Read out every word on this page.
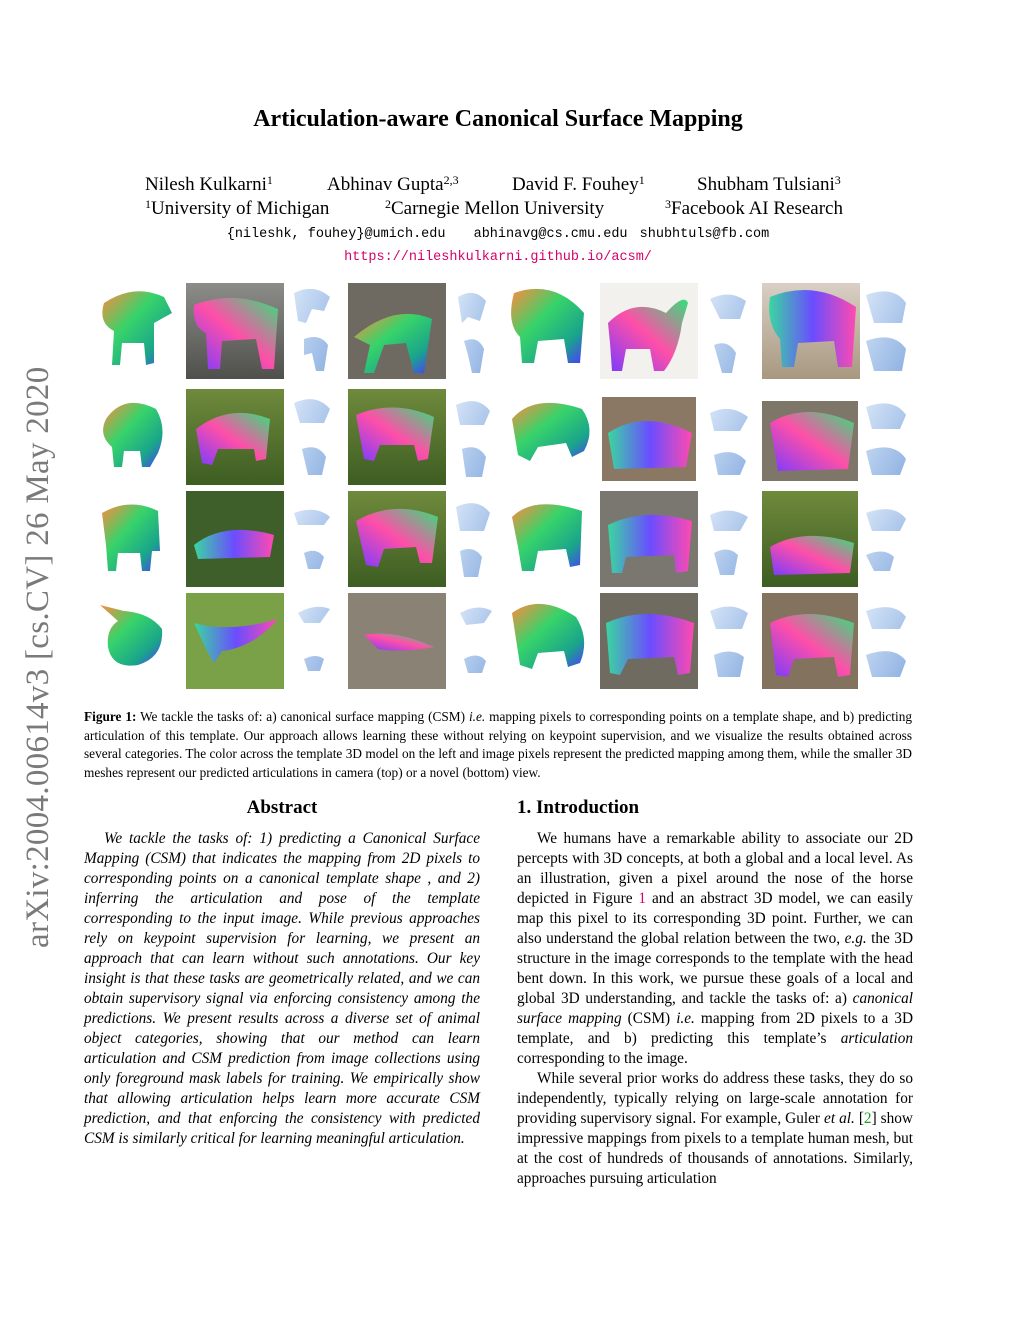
arXiv:2004.00614v3 [cs.CV] 26 May 2020
Articulation-aware Canonical Surface Mapping
Nilesh Kulkarni$^1$	Abhinav Gupta$^{2,3}$	David F. Fouhey$^1$	Shubham Tulsiani$^3$
$^1$University of Michigan	$^2$Carnegie Mellon University	$^3$Facebook AI Research
{nileshk, fouhey}@umich.edu abhinavg@cs.cmu.edu shubhtuls@fb.com
https://nileshkulkarni.github.io/acsm/
Figure 1: We tackle the tasks of: a) canonical surface mapping (CSM) i.e. mapping pixels to corresponding points on a template shape, and b) predicting articulation of this template. Our approach allows learning these without relying on keypoint supervision, and we visualize the results obtained across several categories. The color across the template 3D model on the left and image pixels represent the predicted mapping among them, while the smaller 3D meshes represent our predicted articulations in camera (top) or a novel (bottom) view.
Abstract

We tackle the tasks of: 1) predicting a Canonical Surface Mapping (CSM) that indicates the mapping from 2D pixels to corresponding points on a canonical template shape , and 2) inferring the articulation and pose of the template corresponding to the input image. While previous approaches rely on keypoint supervision for learning, we present an approach that can learn without such annotations. Our key insight is that these tasks are geometrically related, and we can obtain supervisory signal via enforcing consistency among the predictions. We present results across a diverse set of animal object categories, showing that our method can learn articulation and CSM prediction from image collections using only foreground mask labels for training. We empirically show that allowing articulation helps learn more accurate CSM prediction, and that enforcing the consistency with predicted CSM is similarly critical for learning meaningful articulation.

1. Introduction

We humans have a remarkable ability to associate our 2D percepts with 3D concepts, at both a global and a local level. As an illustration, given a pixel around the nose of the horse depicted in Figure 1 and an abstract 3D model, we can easily map this pixel to its corresponding 3D point. Further, we can also understand the global relation between the two, e.g. the 3D structure in the image corresponds to the template with the head bent down. In this work, we pursue these goals of a local and global 3D understanding, and tackle the tasks of: a) canonical surface mapping (CSM) i.e. mapping from 2D pixels to a 3D template, and b) predicting this template’s articulation corresponding to the image.

While several prior works do address these tasks, they do so independently, typically relying on large-scale annotation for providing supervisory signal. For example, Guler et al. [2] show impressive mappings from pixels to a template human mesh, but at the cost of hundreds of thousands of annotations. Similarly, approaches pursuing articulation
